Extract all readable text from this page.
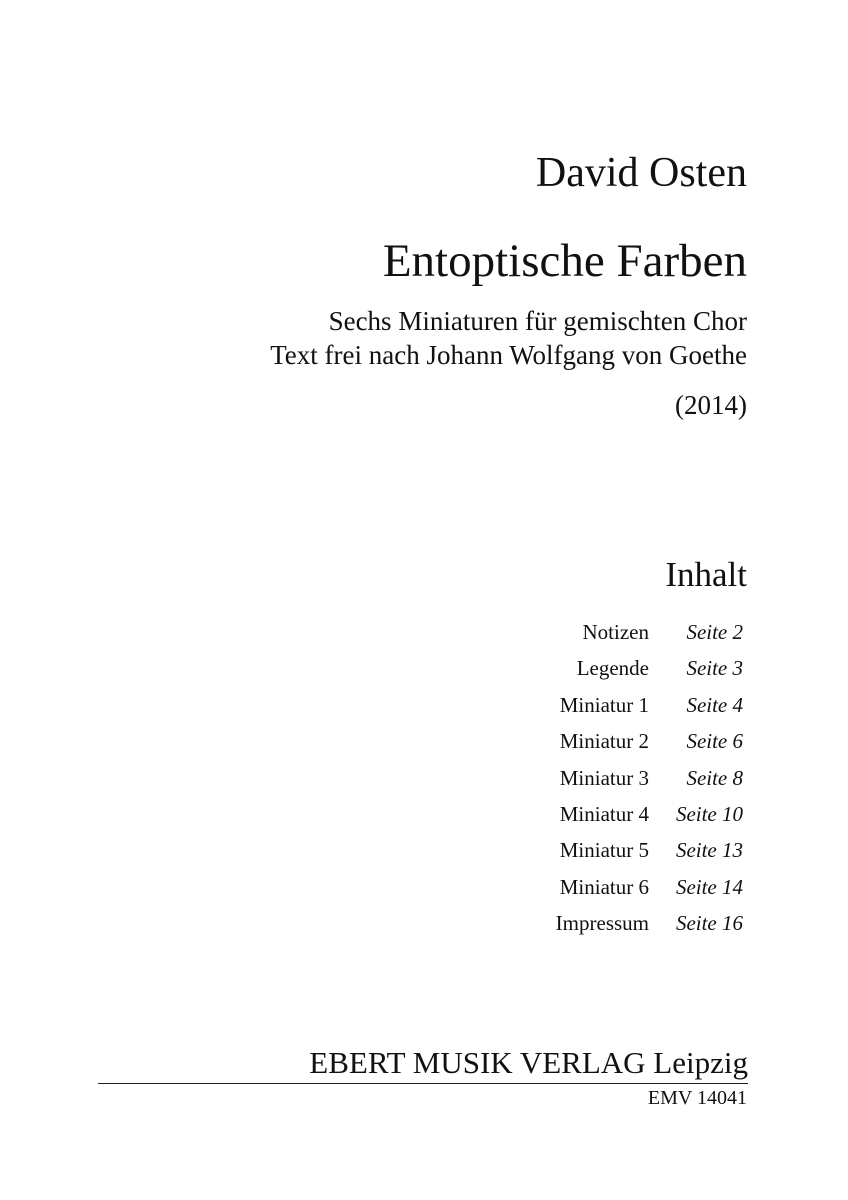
David Osten
Entoptische Farben
Sechs Miniaturen für gemischten Chor
Text frei nach Johann Wolfgang von Goethe
(2014)
Inhalt
Notizen	Seite 2
Legende	Seite 3
Miniatur 1	Seite 4
Miniatur 2	Seite 6
Miniatur 3	Seite 8
Miniatur 4	Seite 10
Miniatur 5	Seite 13
Miniatur 6	Seite 14
Impressum	Seite 16
EBERT MUSIK VERLAG Leipzig
EMV 14041
